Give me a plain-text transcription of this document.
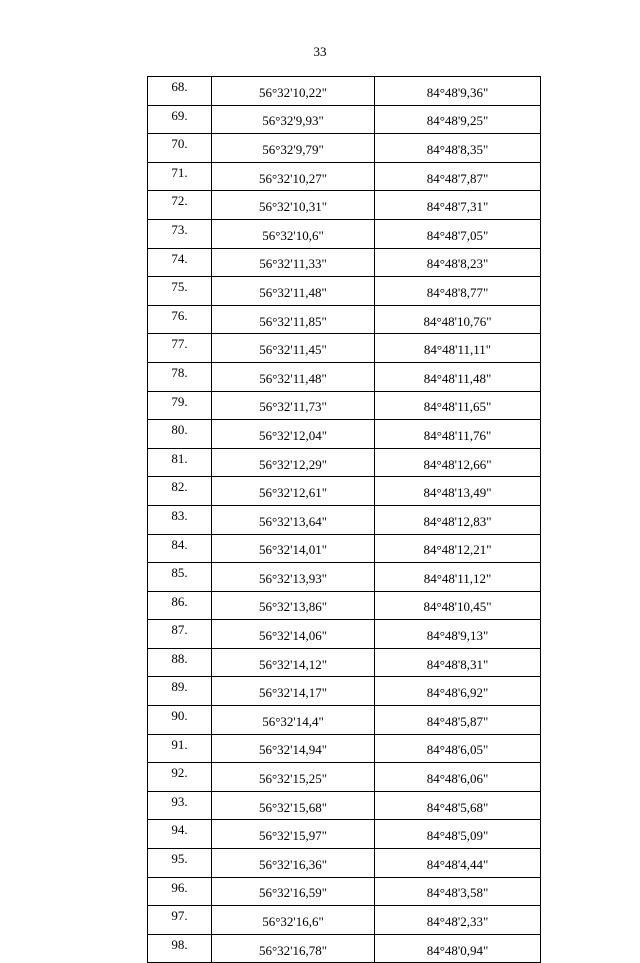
33
68.	56°32'10,22"	84°48'9,36"
69.	56°32'9,93"	84°48'9,25"
70.	56°32'9,79"	84°48'8,35"
71.	56°32'10,27"	84°48'7,87"
72.	56°32'10,31"	84°48'7,31"
73.	56°32'10,6"	84°48'7,05"
74.	56°32'11,33"	84°48'8,23"
75.	56°32'11,48"	84°48'8,77"
76.	56°32'11,85"	84°48'10,76"
77.	56°32'11,45"	84°48'11,11"
78.	56°32'11,48"	84°48'11,48"
79.	56°32'11,73"	84°48'11,65"
80.	56°32'12,04"	84°48'11,76"
81.	56°32'12,29"	84°48'12,66"
82.	56°32'12,61"	84°48'13,49"
83.	56°32'13,64"	84°48'12,83"
84.	56°32'14,01"	84°48'12,21"
85.	56°32'13,93"	84°48'11,12"
86.	56°32'13,86"	84°48'10,45"
87.	56°32'14,06"	84°48'9,13"
88.	56°32'14,12"	84°48'8,31"
89.	56°32'14,17"	84°48'6,92"
90.	56°32'14,4"	84°48'5,87"
91.	56°32'14,94"	84°48'6,05"
92.	56°32'15,25"	84°48'6,06"
93.	56°32'15,68"	84°48'5,68"
94.	56°32'15,97"	84°48'5,09"
95.	56°32'16,36"	84°48'4,44"
96.	56°32'16,59"	84°48'3,58"
97.	56°32'16,6"	84°48'2,33"
98.	56°32'16,78"	84°48'0,94"
